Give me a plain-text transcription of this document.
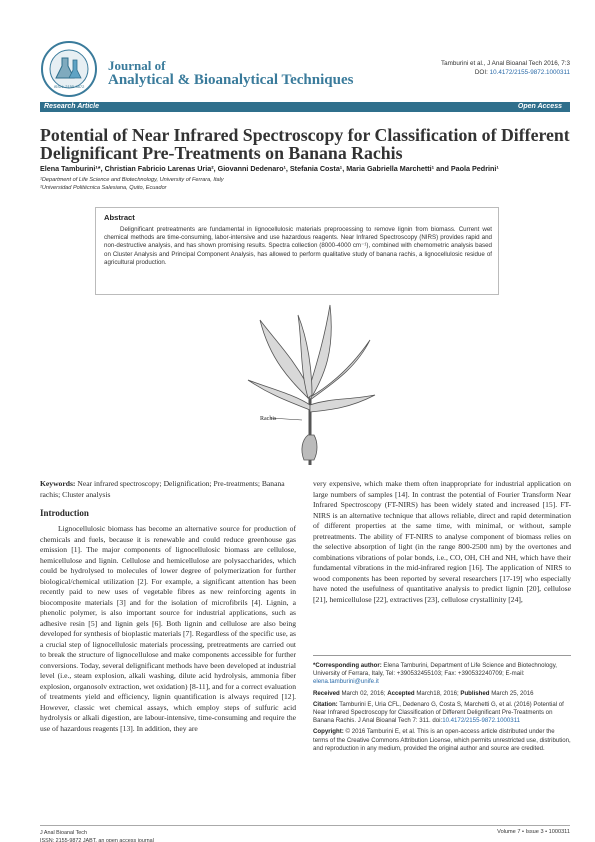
ISSN: 2155-9872
Journal of
Analytical & Bioanalytical Techniques
Tamburini et al., J Anal Bioanal Tech 2016, 7:3
DOI: 10.4172/2155-9872.1000311
Research Article	Open Access
Potential of Near Infrared Spectroscopy for Classification of Different Delignificant Pre-Treatments on Banana Rachis
Elena Tamburini¹*, Christian Fabricio Larenas Uria², Giovanni Dedenaro¹, Stefania Costa¹, Maria Gabriella Marchetti¹ and Paola Pedrini¹
¹Department of Life Science and Biotechnology, University of Ferrara, Italy
²Universidad Politécnica Salesiana, Quito, Ecuador
Abstract
Delignificant pretreatments are fundamental in lignocellulosic materials preprocessing to remove lignin from biomass. Current wet chemical methods are time-consuming, labor-intensive and use hazardous reagents. Near Infrared Spectroscopy (NIRS) provides rapid and non-destructive analysis, and has shown promising results. Spectra collection (8000-4000 cm⁻¹), combined with chemometric analysis based on Cluster Analysis and Principal Component Analysis, has allowed to perform qualitative study of banana rachis, a lignocellulosic residue of agricultural production.
Rachis

Keywords: Near infrared spectroscopy; Delignification; Pre-treatments; Banana rachis; Cluster analysis

Introduction

Lignocellulosic biomass has become an alternative source for production of chemicals and fuels, because it is renewable and could reduce greenhouse gas emission [1]. The major components of lignocellulosic biomass are cellulose, hemicellulose and lignin. Cellulose and hemicellulose are polysaccharides, which could be hydrolysed to molecules of lower degree of polymerization for further biological/chemical utilization [2]. For example, a significant attention has been recently paid to new uses of vegetable fibres as new reinforcing agents in biocomposite materials [3] and for the isolation of microfibrils [4]. Lignin, a phenolic polymer, is also important source for industrial applications, such as adhesive resin [5] and lignin gels [6]. Both lignin and cellulose are also being developed for synthesis of bioplastic materials [7]. Regardless of the specific use, as a crucial step of lignocellulosic materials processing, pretreatments are carried out to break the structure of lignocellulose and make components accessible for further conversions. Today, several delignificant methods have been developed at industrial level (i.e., steam explosion, alkali washing, dilute acid hydrolysis, ammonia fiber explosion, organosolv extraction, wet oxidation) [8-11], and for a correct evaluation of treatments yield and efficiency, lignin quantification is always required [12]. However, classic wet chemical assays, which employ steps of sulfuric acid hydrolysis or alkali digestion, are labour-intensive, time-consuming and require the use of hazardous reagents [13]. In addition, they are

very expensive, which make them often inappropriate for industrial application on large numbers of samples [14]. In contrast the potential of Fourier Transform Near Infrared Spectroscopy (FT-NIRS) has been widely stated and increased [15]. FT-NIRS is an alternative technique that allows reliable, direct and rapid determination of different properties at the same time, with minimal, or without, sample pretreatments. The ability of FT-NIRS to analyse component of biomass relies on the selective absorption of light (in the range 800-2500 nm) by the overtones and combinations vibrations of polar bonds, i.e., CO, OH, CH and NH, which have their fundamental vibrations in the mid-infrared region [16]. The application of NIRS to wood components has been reported by several researchers [17-19] who especially have noted the usefulness of quantitative analysis to predict lignin [20], cellulose [21], hemicellulose [22], extractives [23], cellulose crystallinity [24],

*Corresponding author: Elena Tamburini, Department of Life Science and Biotechnology, University of Ferrara, Italy, Tel: +390532455103; Fax: +390532240709; E-mail: elena.tamburini@unife.it

Received March 02, 2016; Accepted March18, 2016; Published March 25, 2016

Citation: Tamburini E, Uria CFL, Dedenaro G, Costa S, Marchetti G, et al. (2016) Potential of Near Infrared Spectroscopy for Classification of Different Delignificant Pre-Treatments on Banana Rachis. J Anal Bioanal Tech 7: 311. doi:10.4172/2155-9872.1000311

Copyright: © 2016 Tamburini E, et al. This is an open-access article distributed under the terms of the Creative Commons Attribution License, which permits unrestricted use, distribution, and reproduction in any medium, provided the original author and source are credited.

J Anal Bioanal Tech
ISSN: 2155-9872 JABT, an open access journal
Volume 7 • Issue 3 • 1000311
